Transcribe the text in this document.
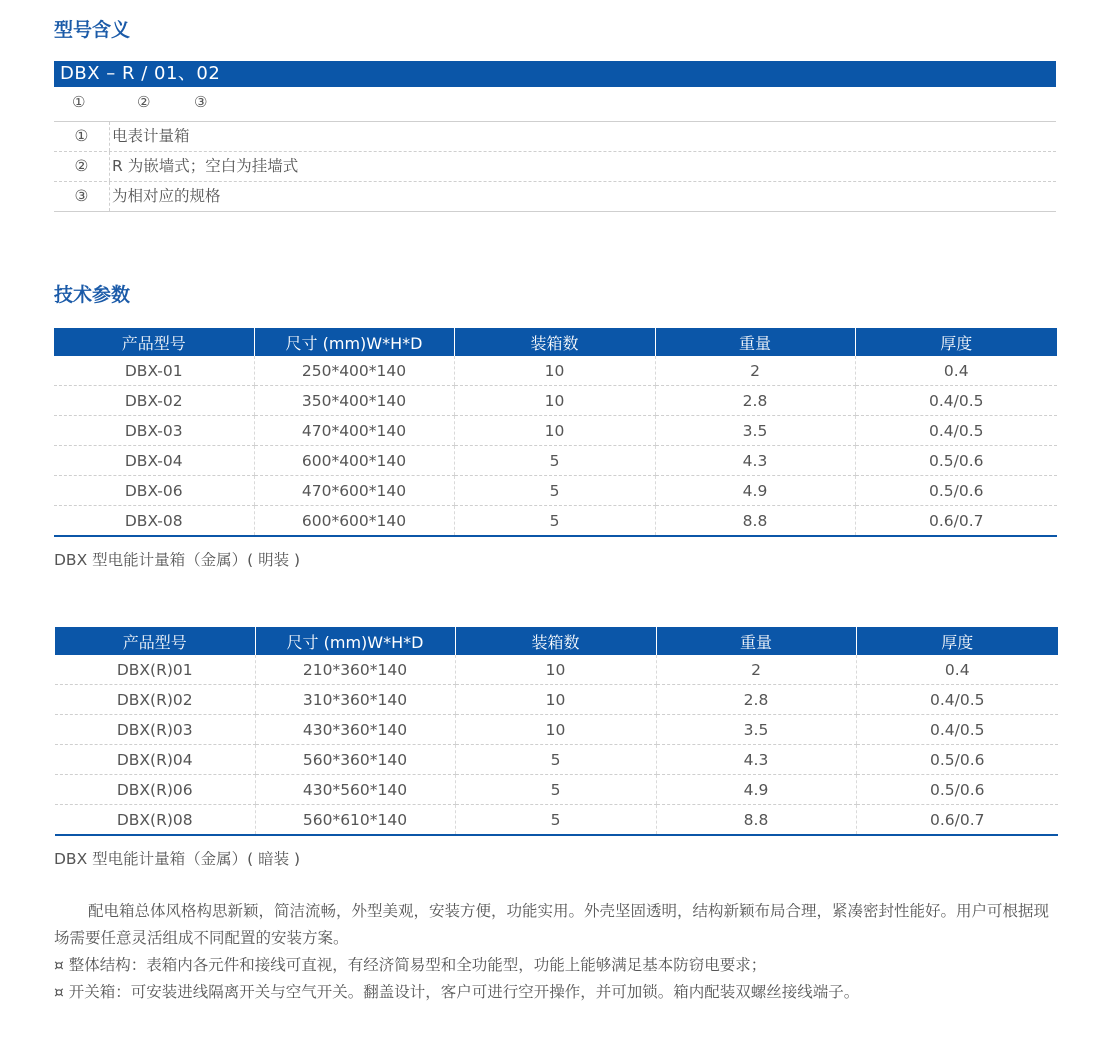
型号含义
DBX – R / 01、02
①	②	③
①	电表计量箱
②	R 为嵌墙式；空白为挂墙式
③	为相对应的规格
技术参数
产品型号	尺寸 (mm)W*H*D	装箱数	重量	厚度
DBX-01	250*400*140	10	2	0.4
DBX-02	350*400*140	10	2.8	0.4/0.5
DBX-03	470*400*140	10	3.5	0.4/0.5
DBX-04	600*400*140	5	4.3	0.5/0.6
DBX-06	470*600*140	5	4.9	0.5/0.6
DBX-08	600*600*140	5	8.8	0.6/0.7

DBX 型电能计量箱（金属）( 明装 )

产品型号	尺寸 (mm)W*H*D	装箱数	重量	厚度
DBX(R)01	210*360*140	10	2	0.4
DBX(R)02	310*360*140	10	2.8	0.4/0.5
DBX(R)03	430*360*140	10	3.5	0.4/0.5
DBX(R)04	560*360*140	5	4.3	0.5/0.6
DBX(R)06	430*560*140	5	4.9	0.5/0.6
DBX(R)08	560*610*140	5	8.8	0.6/0.7

DBX 型电能计量箱（金属）( 暗装 )

配电箱总体风格构思新颖，简洁流畅，外型美观，安装方便，功能实用。外壳坚固透明，结构新颖布局合理，紧凑密封性能好。用户可根据现场需要任意灵活组成不同配置的安装方案。

¤ 整体结构：表箱内各元件和接线可直视，有经济简易型和全功能型，功能上能够满足基本防窃电要求；

¤ 开关箱：可安装进线隔离开关与空气开关。翻盖设计，客户可进行空开操作，并可加锁。箱内配装双螺丝接线端子。
